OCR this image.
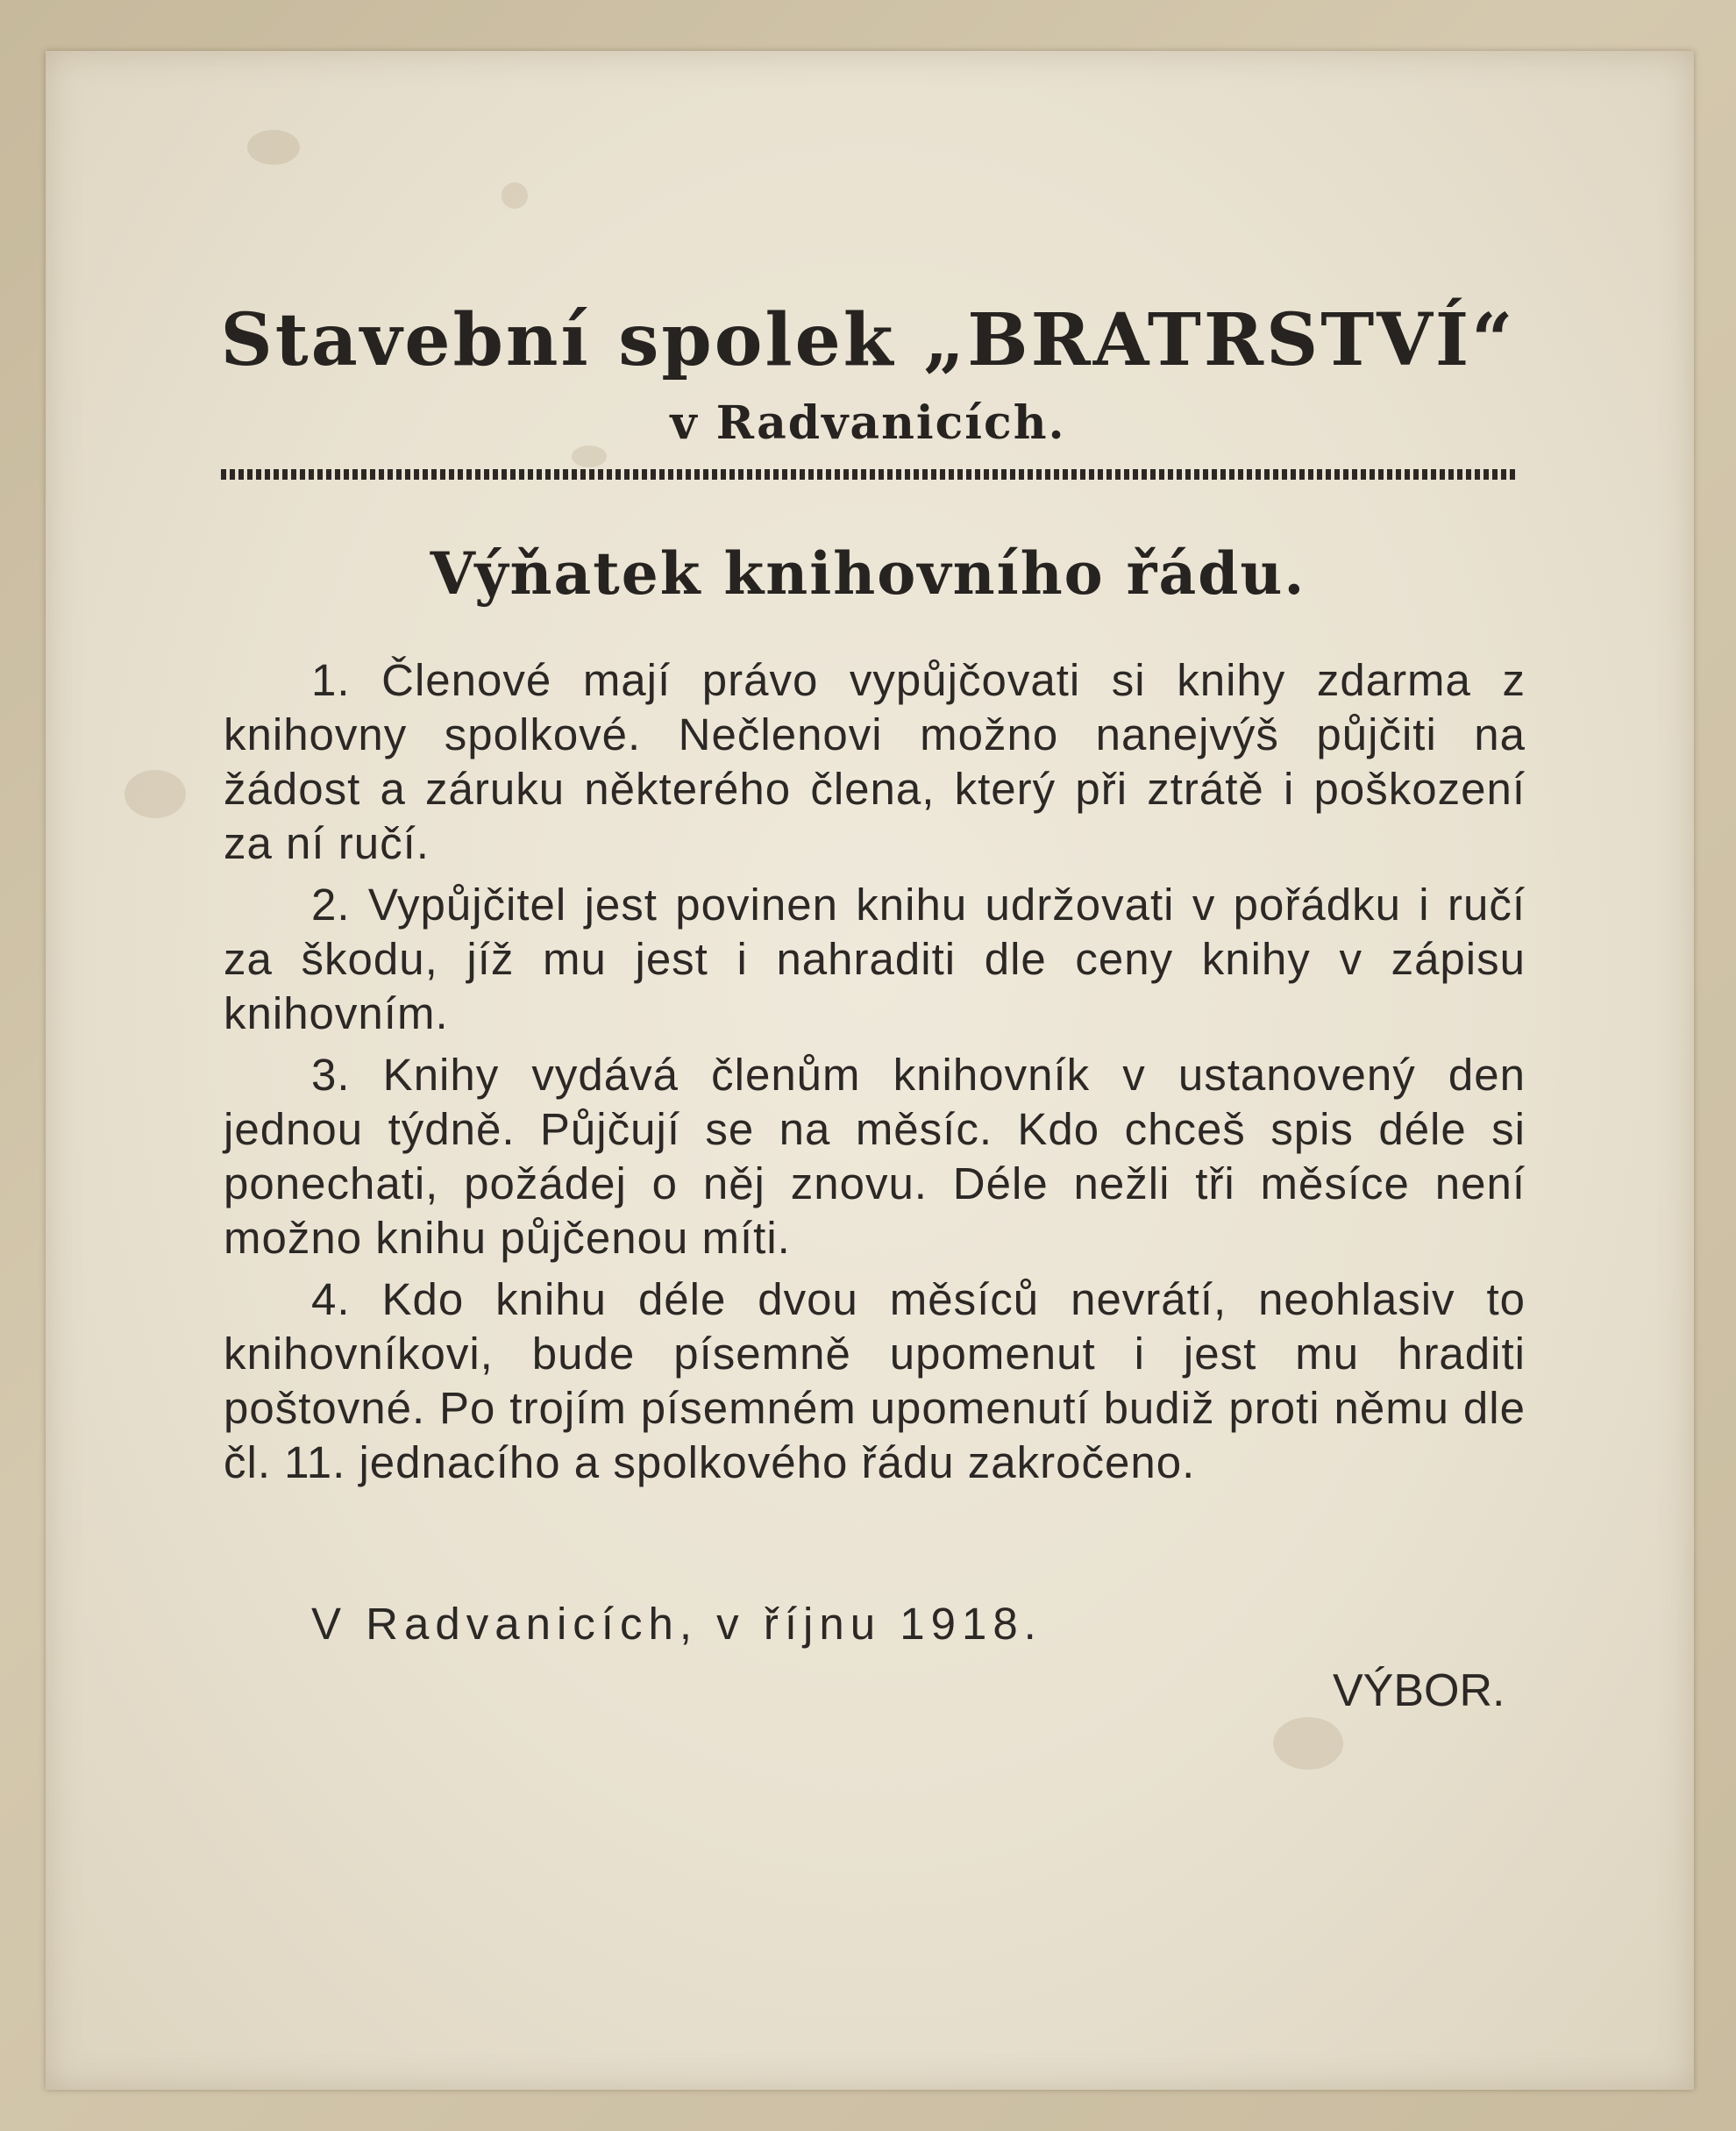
Stavební spolek „BRATRSTVÍ“
v Radvanicích.
Výňatek knihovního řádu.

1. Členové mají právo vypůjčovati si knihy zdarma z knihovny spolkové. Nečlenovi možno nanejvýš půjčiti na žádost a záruku některého člena, který při ztrátě i poškození za ní ručí.

2. Vypůjčitel jest povinen knihu udržovati v pořádku i ručí za škodu, jíž mu jest i nahraditi dle ceny knihy v zápisu knihovním.

3. Knihy vydává členům knihovník v ustanovený den jednou týdně. Půjčují se na měsíc. Kdo chceš spis déle si ponechati, požádej o něj znovu. Déle nežli tři měsíce není možno knihu půjčenou míti.

4. Kdo knihu déle dvou měsíců nevrátí, neohlasiv to knihovníkovi, bude písemně upomenut i jest mu hraditi poštovné. Po trojím písemném upomenutí budiž proti němu dle čl. 11. jednacího a spolkového řádu zakročeno.

V Radvanicích, v říjnu 1918.
VÝBOR.
